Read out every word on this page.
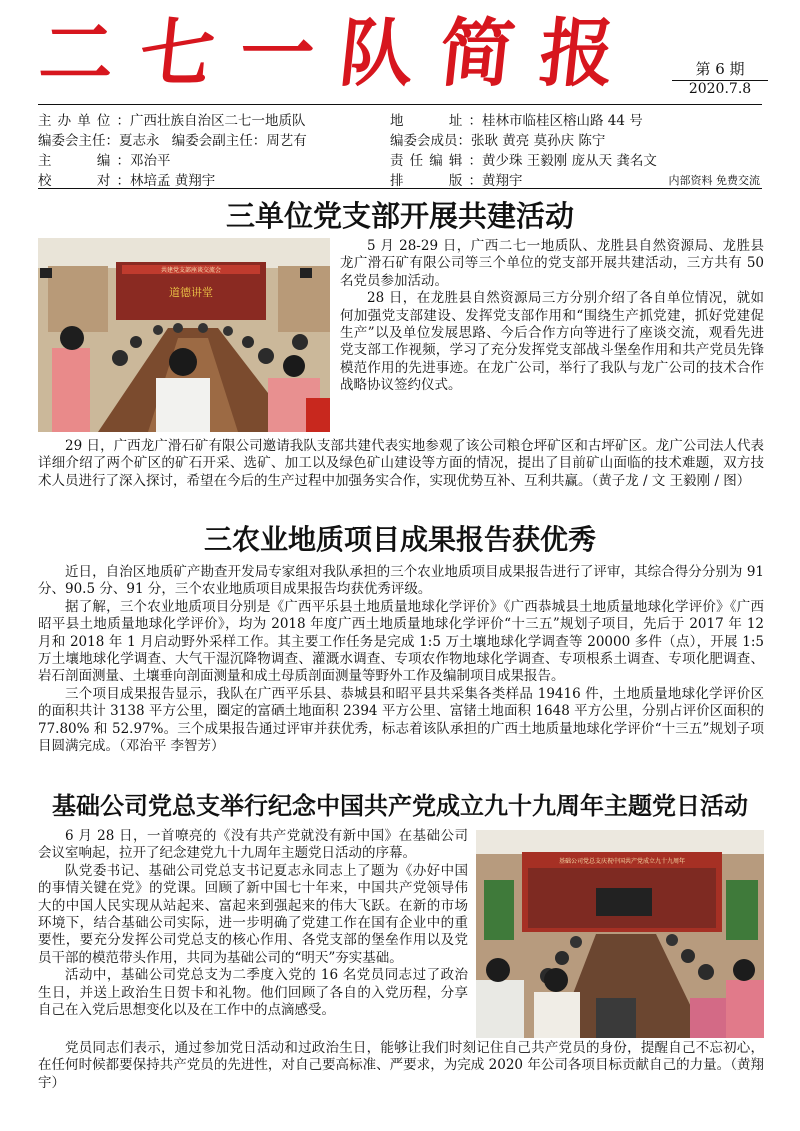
二七一队简报	第 6 期
2020.7.8
主办单位：广西壮族自治区二七一地质队	地　　址：桂林市临桂区榕山路 44 号
编委会主任：夏志永 编委会副主任：周艺有	编委会成员：张耿 黄亮 莫孙庆 陈宁
主　　编：邓治平	责任编辑：黄少珠 王毅刚 庞从天 龚名文
校　　对：林培孟 黄翔宇	排　　版：黄翔宇	内部资料 免费交流
三单位党支部开展共建活动
共建党支部座谈交流会
道德讲堂

5 月 28-29 日，广西二七一地质队、龙胜县自然资源局、龙胜县龙广滑石矿有限公司等三个单位的党支部开展共建活动，三方共有 50 名党员参加活动。

28 日，在龙胜县自然资源局三方分别介绍了各自单位情况，就如何加强党支部建设、发挥党支部作用和“围绕生产抓党建，抓好党建促生产”以及单位发展思路、今后合作方向等进行了座谈交流，观看先进党支部工作视频，学习了充分发挥党支部战斗堡垒作用和共产党员先锋模范作用的先进事迹。在龙广公司，举行了我队与龙广公司的技术合作战略协议签约仪式。

29 日，广西龙广滑石矿有限公司邀请我队支部共建代表实地参观了该公司粮仓坪矿区和古坪矿区。龙广公司法人代表详细介绍了两个矿区的矿石开采、选矿、加工以及绿色矿山建设等方面的情况，提出了目前矿山面临的技术难题，双方技术人员进行了深入探讨，希望在今后的生产过程中加强务实合作，实现优势互补、互利共赢。（黄子龙 / 文 王毅刚 / 图）

三农业地质项目成果报告获优秀

近日，自治区地质矿产勘查开发局专家组对我队承担的三个农业地质项目成果报告进行了评审，其综合得分分别为 91 分、90.5 分、91 分，三个农业地质项目成果报告均获优秀评级。

据了解，三个农业地质项目分别是《广西平乐县土地质量地球化学评价》《广西恭城县土地质量地球化学评价》《广西昭平县土地质量地球化学评价》，均为 2018 年度广西土地质量地球化学评价“十三五”规划子项目，先后于 2017 年 12 月和 2018 年 1 月启动野外采样工作。其主要工作任务是完成 1:5 万土壤地球化学调查等 20000 多件（点），开展 1:5 万土壤地球化学调查、大气干湿沉降物调查、灌溉水调查、专项农作物地球化学调查、专项根系土调查、专项化肥调查、岩石剖面测量、土壤垂向剖面测量和成土母质剖面测量等野外工作及编制项目成果报告。

三个项目成果报告显示，我队在广西平乐县、恭城县和昭平县共采集各类样品 19416 件，土地质量地球化学评价区的面积共计 3138 平方公里，圈定的富硒土地面积 2394 平方公里、富锗土地面积 1648 平方公里，分别占评价区面积的 77.80% 和 52.97%。三个成果报告通过评审并获优秀，标志着该队承担的广西土地质量地球化学评价“十三五”规划子项目圆满完成。（邓治平 李智芳）

基础公司党总支举行纪念中国共产党成立九十九周年主题党日活动
基础公司党总支庆祝中国共产党成立九十九周年

6 月 28 日，一首嘹亮的《没有共产党就没有新中国》在基础公司会议室响起，拉开了纪念建党九十九周年主题党日活动的序幕。

队党委书记、基础公司党总支书记夏志永同志上了题为《办好中国的事情关键在党》的党课。回顾了新中国七十年来，中国共产党领导伟大的中国人民实现从站起来、富起来到强起来的伟大飞跃。在新的市场环境下，结合基础公司实际，进一步明确了党建工作在国有企业中的重要性，要充分发挥公司党总支的核心作用、各党支部的堡垒作用以及党员干部的模范带头作用，共同为基础公司的“明天”夯实基础。

活动中，基础公司党总支为二季度入党的 16 名党员同志过了政治生日，并送上政治生日贺卡和礼物。他们回顾了各自的入党历程，分享自己在入党后思想变化以及在工作中的点滴感受。

党员同志们表示，通过参加党日活动和过政治生日，能够让我们时刻记住自己共产党员的身份，提醒自己不忘初心，在任何时候都要保持共产党员的先进性，对自己要高标准、严要求，为完成 2020 年公司各项目标贡献自己的力量。（黄翔宇）
